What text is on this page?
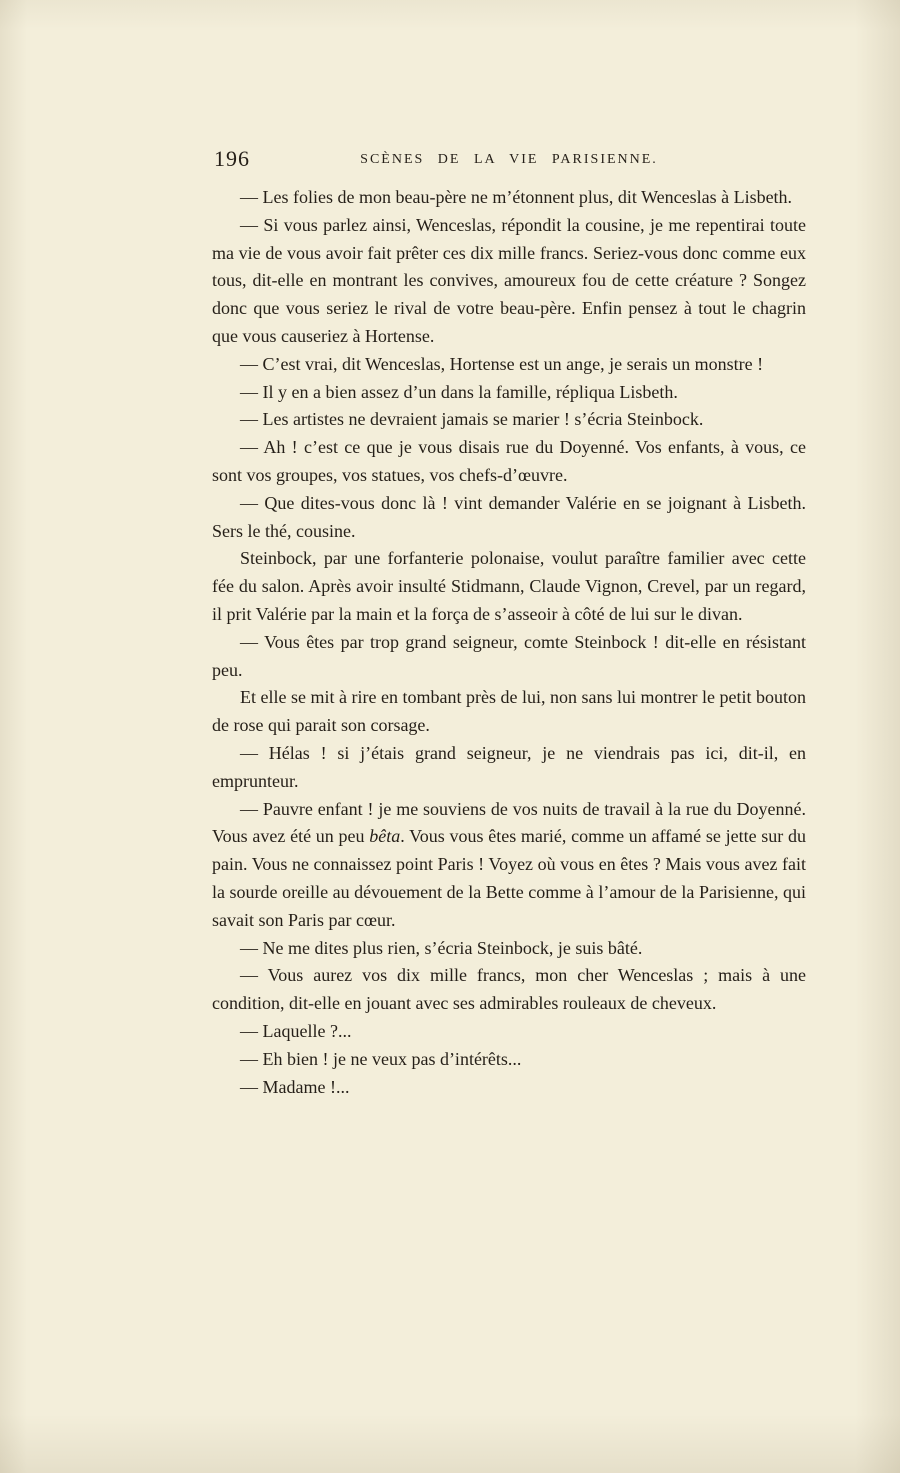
196	SCÈNES DE LA VIE PARISIENNE.

— Les folies de mon beau-père ne m’étonnent plus, dit Wenceslas à Lisbeth.

— Si vous parlez ainsi, Wenceslas, répondit la cousine, je me repentirai toute ma vie de vous avoir fait prêter ces dix mille francs. Seriez-vous donc comme eux tous, dit-elle en montrant les convives, amoureux fou de cette créature ? Songez donc que vous seriez le rival de votre beau-père. Enfin pensez à tout le chagrin que vous causeriez à Hortense.

— C’est vrai, dit Wenceslas, Hortense est un ange, je serais un monstre !

— Il y en a bien assez d’un dans la famille, répliqua Lisbeth.

— Les artistes ne devraient jamais se marier ! s’écria Steinbock.

— Ah ! c’est ce que je vous disais rue du Doyenné. Vos enfants, à vous, ce sont vos groupes, vos statues, vos chefs-d’œuvre.

— Que dites-vous donc là ! vint demander Valérie en se joignant à Lisbeth. Sers le thé, cousine.

Steinbock, par une forfanterie polonaise, voulut paraître familier avec cette fée du salon. Après avoir insulté Stidmann, Claude Vignon, Crevel, par un regard, il prit Valérie par la main et la força de s’asseoir à côté de lui sur le divan.

— Vous êtes par trop grand seigneur, comte Steinbock ! dit-elle en résistant peu.

Et elle se mit à rire en tombant près de lui, non sans lui montrer le petit bouton de rose qui parait son corsage.

— Hélas ! si j’étais grand seigneur, je ne viendrais pas ici, dit-il, en emprunteur.

— Pauvre enfant ! je me souviens de vos nuits de travail à la rue du Doyenné. Vous avez été un peu bêta. Vous vous êtes marié, comme un affamé se jette sur du pain. Vous ne connaissez point Paris ! Voyez où vous en êtes ? Mais vous avez fait la sourde oreille au dévouement de la Bette comme à l’amour de la Parisienne, qui savait son Paris par cœur.

— Ne me dites plus rien, s’écria Steinbock, je suis bâté.

— Vous aurez vos dix mille francs, mon cher Wenceslas ; mais à une condition, dit-elle en jouant avec ses admirables rouleaux de cheveux.

— Laquelle ?...

— Eh bien ! je ne veux pas d’intérêts...

— Madame !...
